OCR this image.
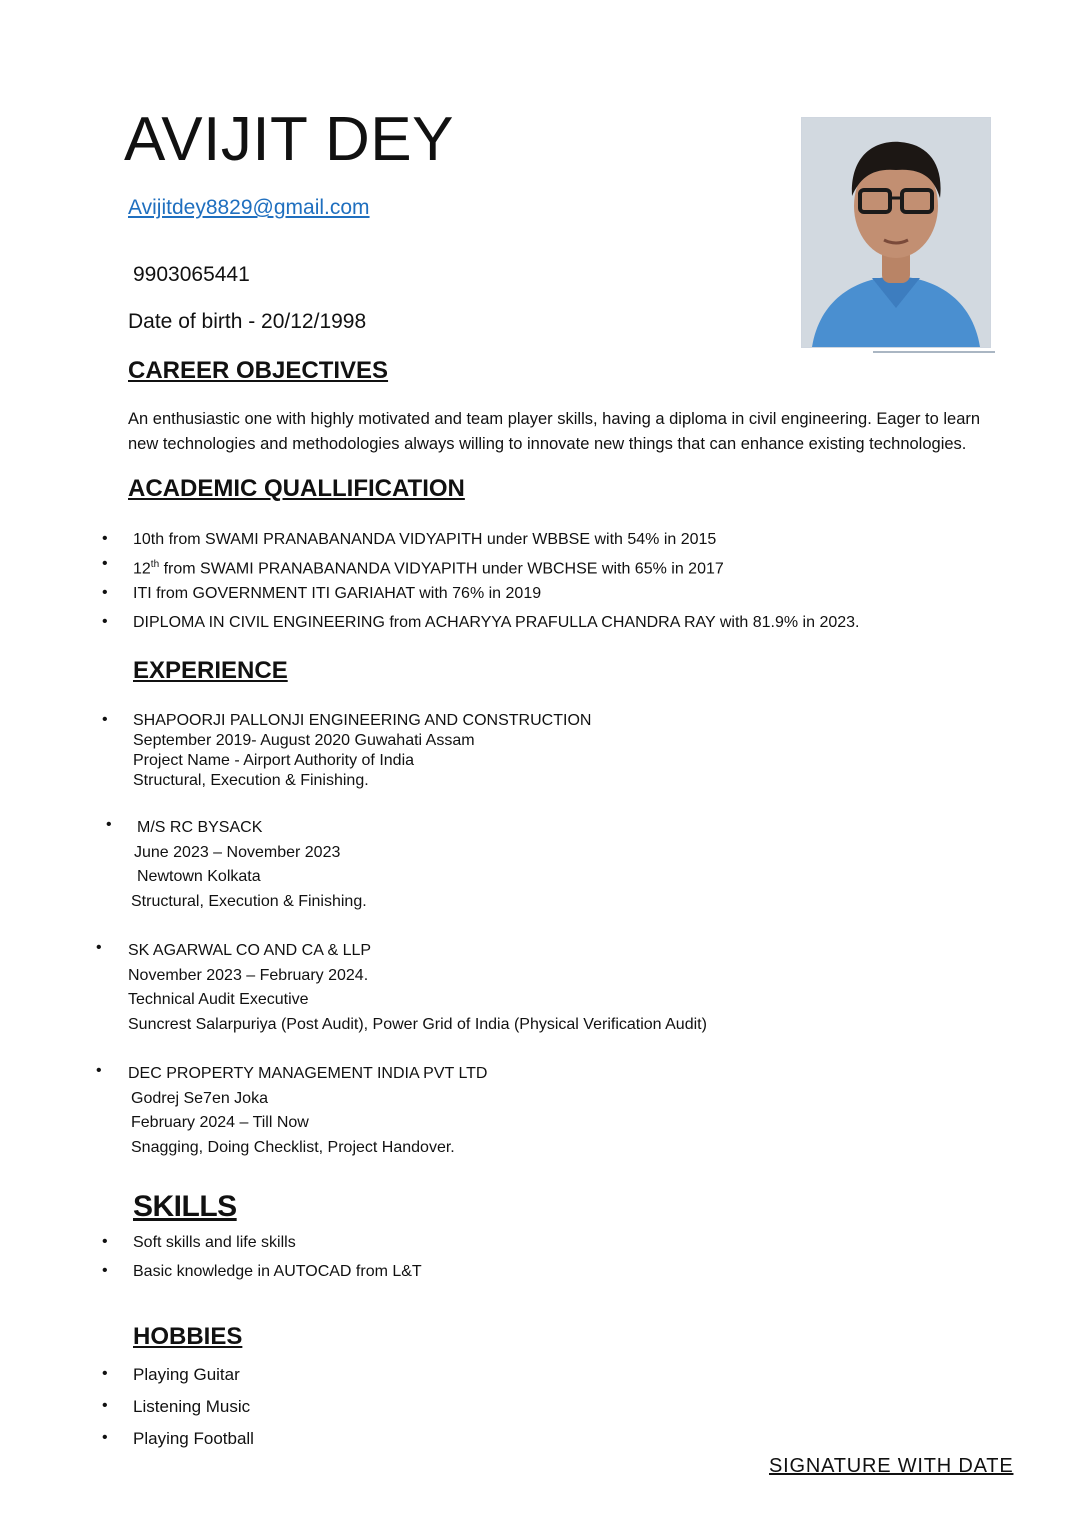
AVIJIT DEY
Avijitdey8829@gmail.com
9903065441
Date of birth - 20/12/1998
CAREER OBJECTIVES

An enthusiastic one with highly motivated and team player skills, having a diploma in civil engineering. Eager to learn

new technologies and methodologies always willing to innovate new things that can enhance existing technologies.

ACADEMIC QUALLIFICATION
• 10th from SWAMI PRANABANANDA VIDYAPITH under WBBSE with 54% in 2015
• 12th from SWAMI PRANABANANDA VIDYAPITH under WBCHSE with 65% in 2017
• ITI from GOVERNMENT ITI GARIAHAT with 76% in 2019
• DIPLOMA IN CIVIL ENGINEERING from ACHARYYA PRAFULLA CHANDRA RAY with 81.9% in 2023.
EXPERIENCE
• SHAPOORJI PALLONJI ENGINEERING AND CONSTRUCTION
September 2019- August 2020 Guwahati Assam
Project Name - Airport Authority of India
Structural, Execution & Finishing.
• M/S RC BYSACK
June 2023 – November 2023
Newtown Kolkata
Structural, Execution & Finishing.
• SK AGARWAL CO AND CA & LLP
November 2023 – February 2024.
Technical Audit Executive
Suncrest Salarpuriya (Post Audit), Power Grid of India (Physical Verification Audit)
• DEC PROPERTY MANAGEMENT INDIA PVT LTD
Godrej Se7en Joka
February 2024 – Till Now
Snagging, Doing Checklist, Project Handover.
SKILLS
• Soft skills and life skills
• Basic knowledge in AUTOCAD from L&T
HOBBIES
• Playing Guitar
• Listening Music
• Playing Football
SIGNATURE WITH DATE
